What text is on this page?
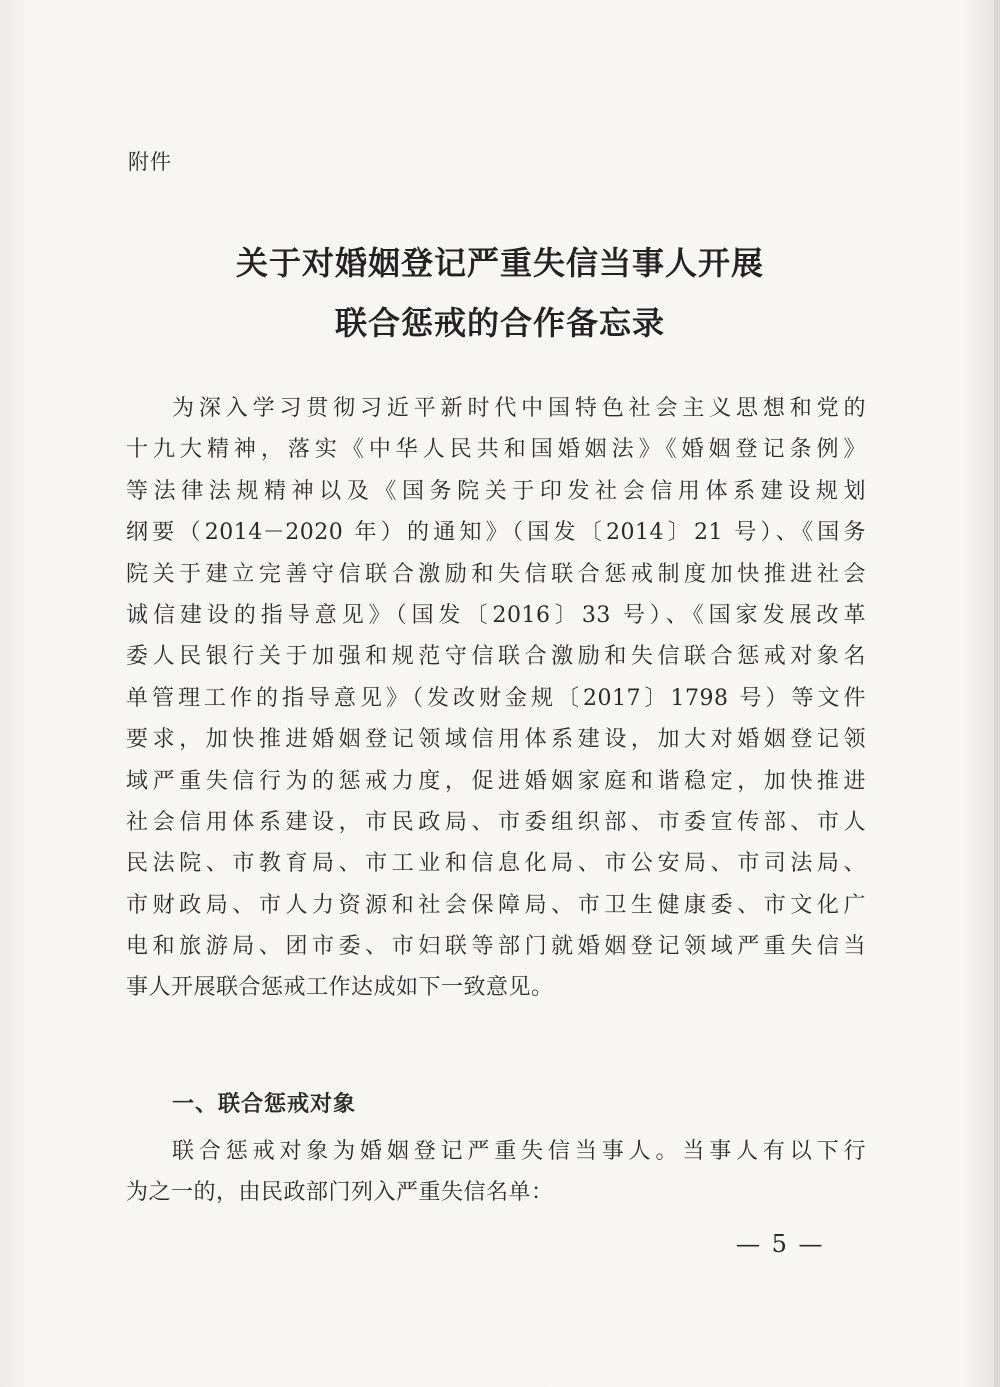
附件
关于对婚姻登记严重失信当事人开展
联合惩戒的合作备忘录
为深入学习贯彻习近平新时代中国特色社会主义思想和党的
十九大精神，落实《中华人民共和国婚姻法》《婚姻登记条例》
等法律法规精神以及《国务院关于印发社会信用体系建设规划
纲要（2014－2020 年）的通知》（国发〔2014〕21 号）、《国务
院关于建立完善守信联合激励和失信联合惩戒制度加快推进社会
诚信建设的指导意见》（国发〔2016〕33 号）、《国家发展改革
委人民银行关于加强和规范守信联合激励和失信联合惩戒对象名
单管理工作的指导意见》（发改财金规〔2017〕1798 号）等文件
要求，加快推进婚姻登记领域信用体系建设，加大对婚姻登记领
域严重失信行为的惩戒力度，促进婚姻家庭和谐稳定，加快推进
社会信用体系建设，市民政局、市委组织部、市委宣传部、市人
民法院、市教育局、市工业和信息化局、市公安局、市司法局、
市财政局、市人力资源和社会保障局、市卫生健康委、市文化广
电和旅游局、团市委、市妇联等部门就婚姻登记领域严重失信当
事人开展联合惩戒工作达成如下一致意见。
一、联合惩戒对象
联合惩戒对象为婚姻登记严重失信当事人。当事人有以下行
为之一的，由民政部门列入严重失信名单：
— 5 —
